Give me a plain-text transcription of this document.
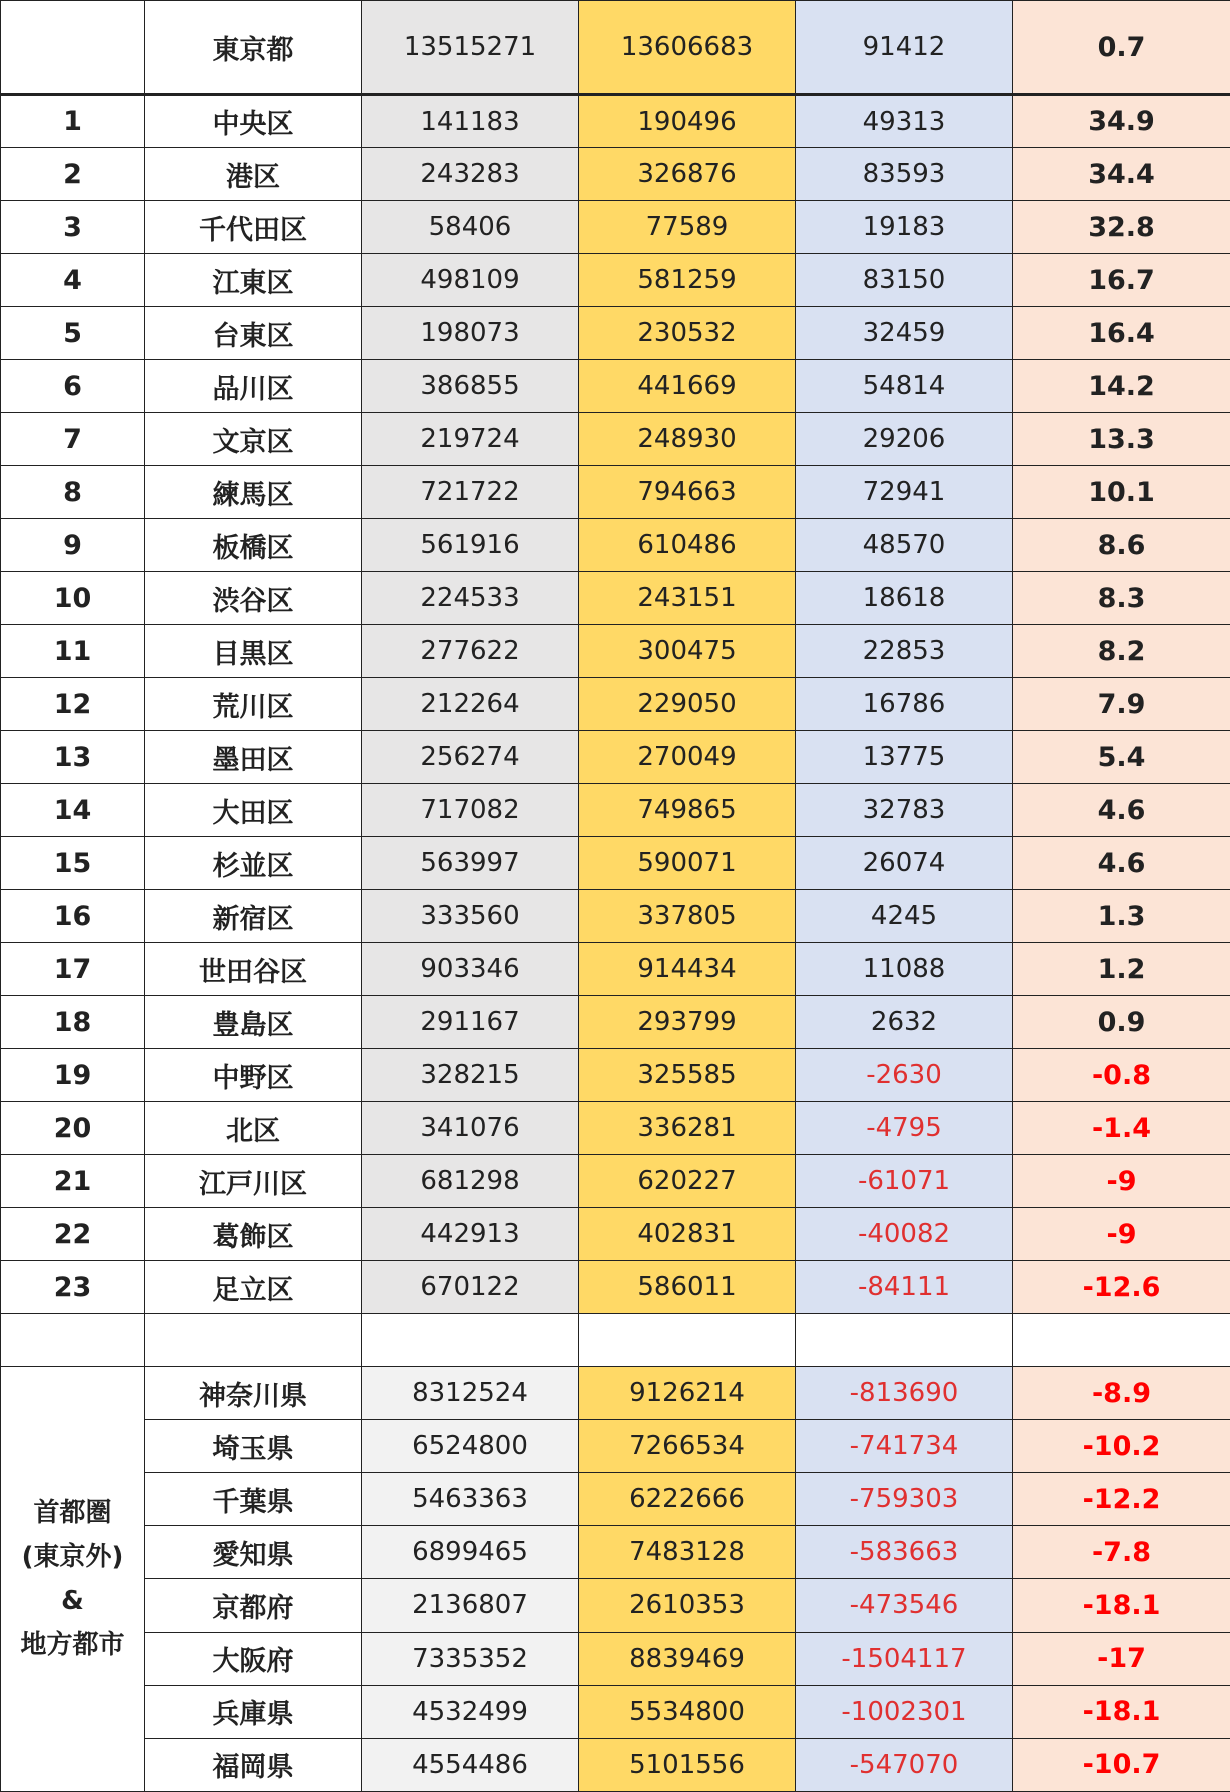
	東京都	13515271	13606683	91412	0.7
1	中央区	141183	190496	49313	34.9
2	港区	243283	326876	83593	34.4
3	千代田区	58406	77589	19183	32.8
4	江東区	498109	581259	83150	16.7
5	台東区	198073	230532	32459	16.4
6	品川区	386855	441669	54814	14.2
7	文京区	219724	248930	29206	13.3
8	練馬区	721722	794663	72941	10.1
9	板橋区	561916	610486	48570	8.6
10	渋谷区	224533	243151	18618	8.3
11	目黒区	277622	300475	22853	8.2
12	荒川区	212264	229050	16786	7.9
13	墨田区	256274	270049	13775	5.4
14	大田区	717082	749865	32783	4.6
15	杉並区	563997	590071	26074	4.6
16	新宿区	333560	337805	4245	1.3
17	世田谷区	903346	914434	11088	1.2
18	豊島区	291167	293799	2632	0.9
19	中野区	328215	325585	-2630	-0.8
20	北区	341076	336281	-4795	-1.4
21	江戸川区	681298	620227	-61071	-9
22	葛飾区	442913	402831	-40082	-9
23	足立区	670122	586011	-84111	-12.6

首都圏
(東京外)
&
地方都市	神奈川県	8312524	9126214	-813690	-8.9
	埼玉県	6524800	7266534	-741734	-10.2
	千葉県	5463363	6222666	-759303	-12.2
	愛知県	6899465	7483128	-583663	-7.8
	京都府	2136807	2610353	-473546	-18.1
	大阪府	7335352	8839469	-1504117	-17
	兵庫県	4532499	5534800	-1002301	-18.1
	福岡県	4554486	5101556	-547070	-10.7
